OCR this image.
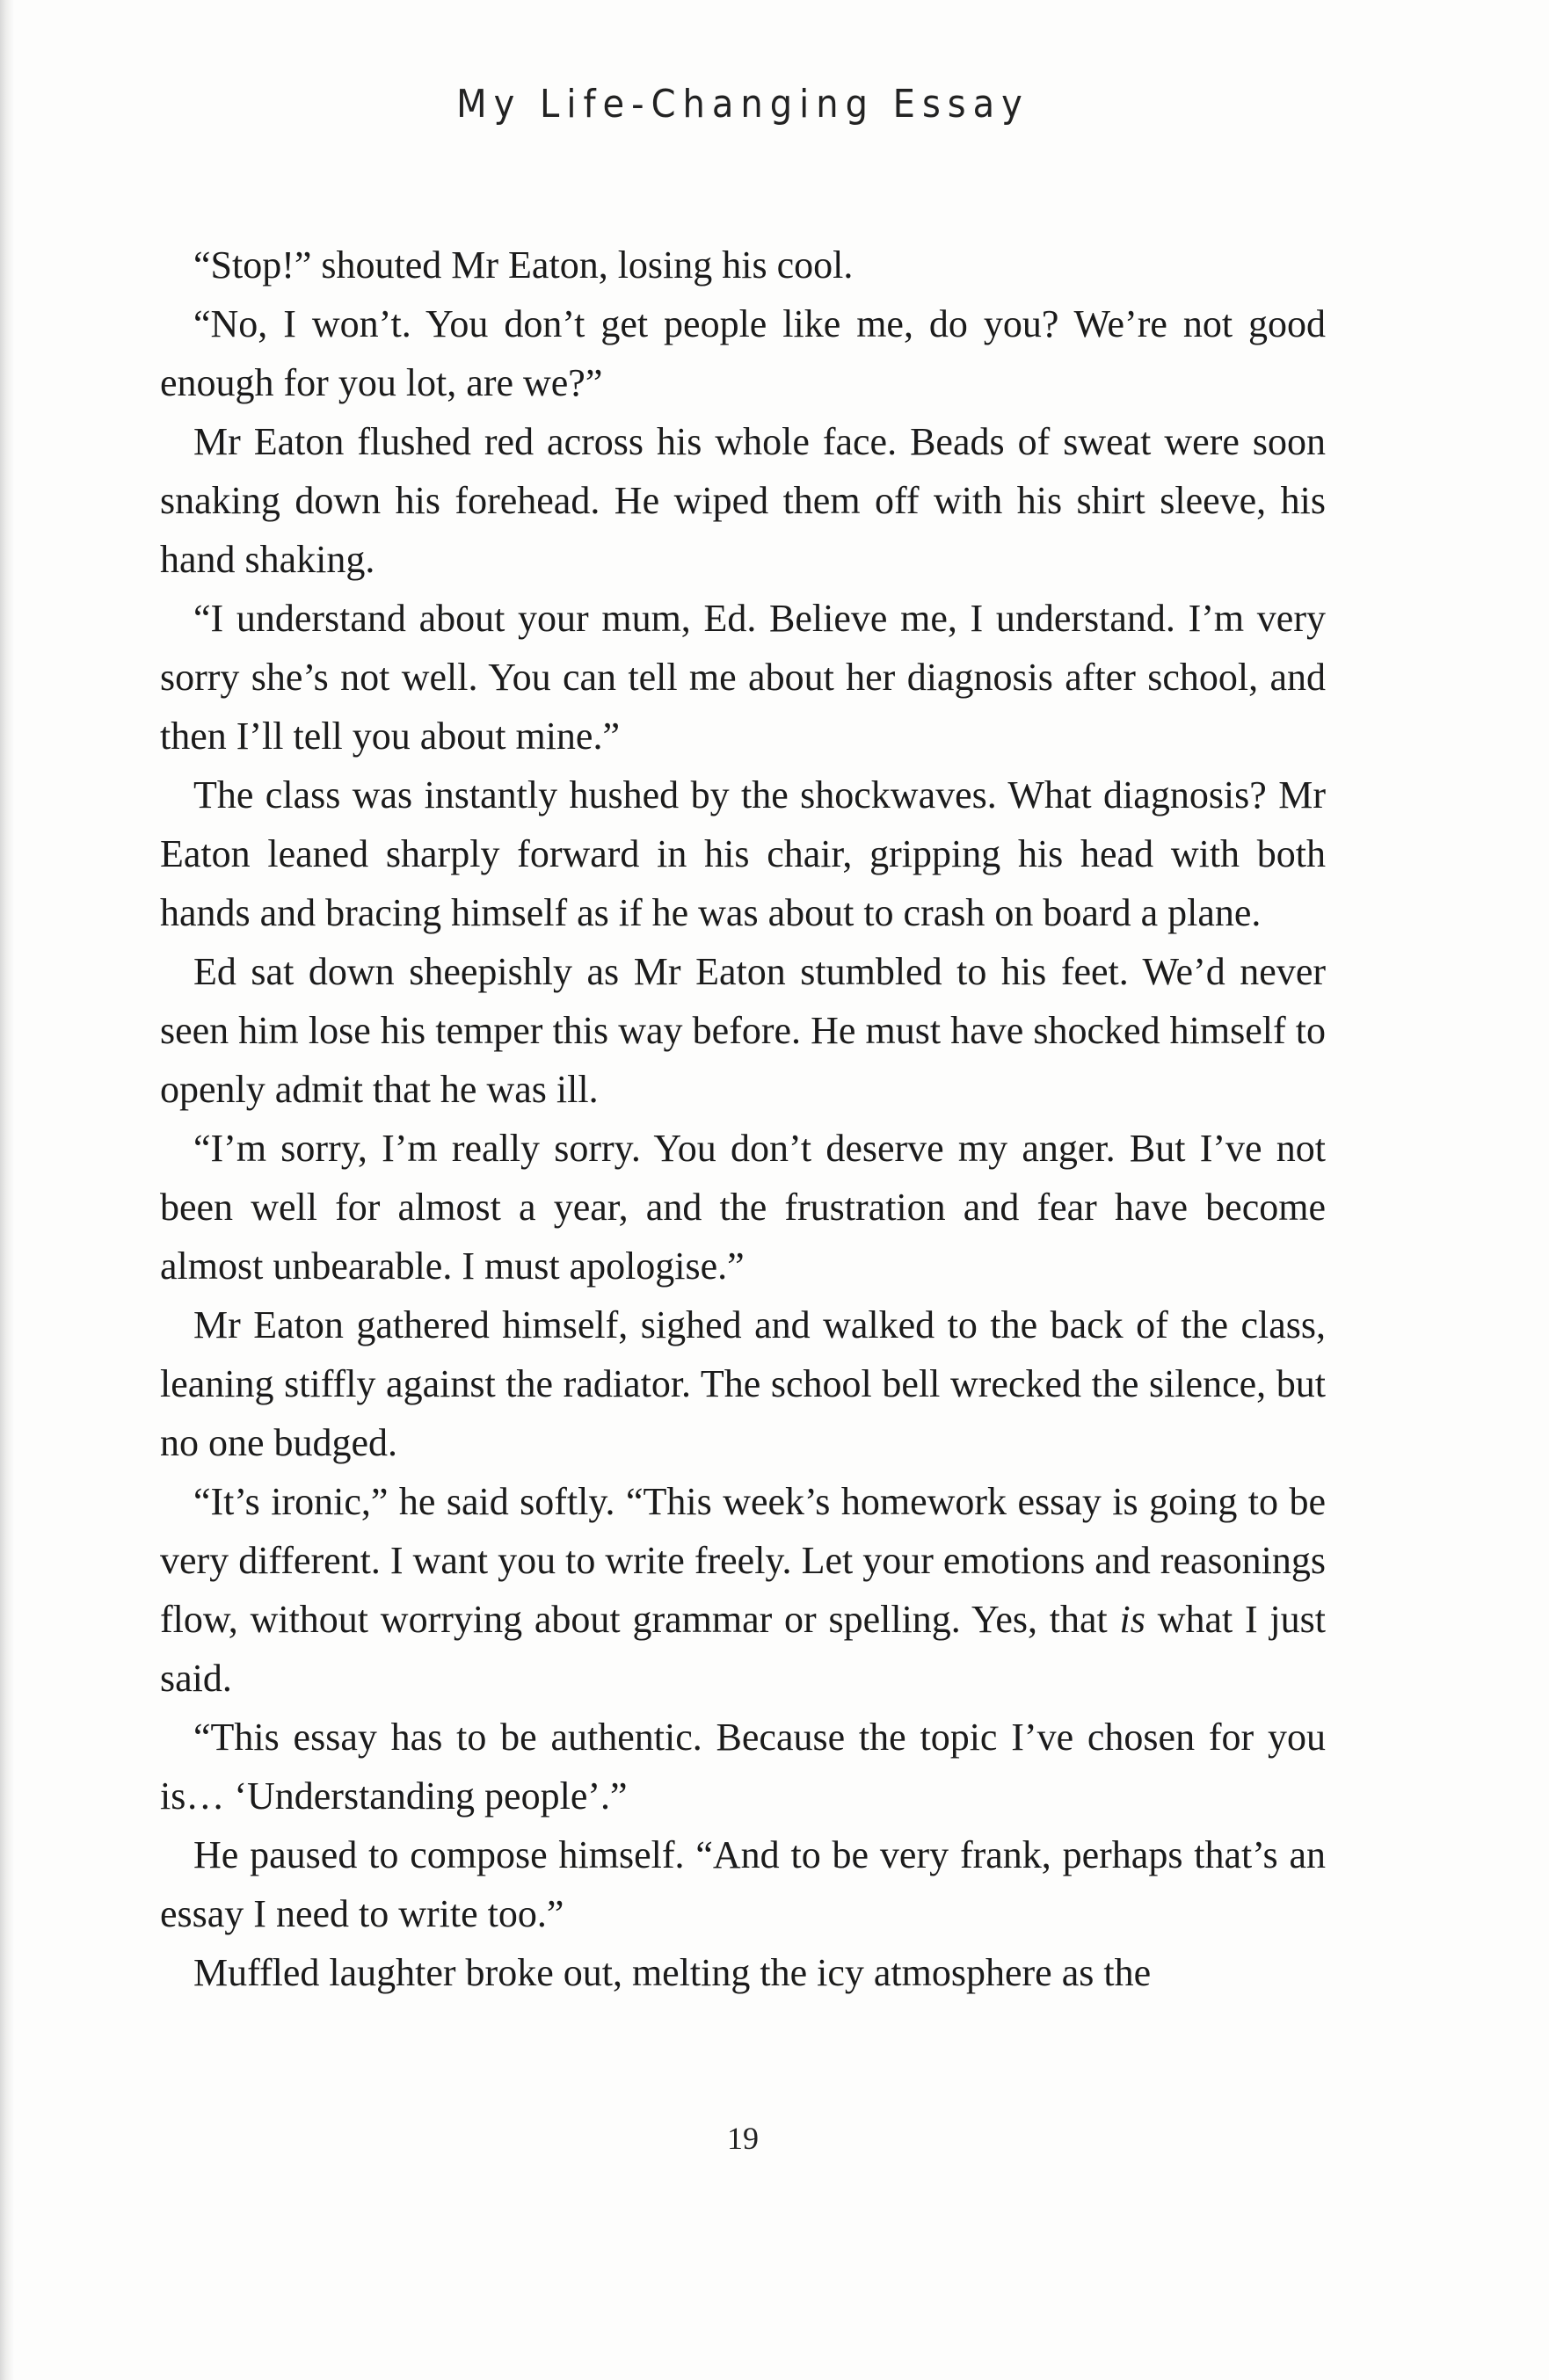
My Life-Changing Essay

“Stop!” shouted Mr Eaton, losing his cool.

“No, I won’t. You don’t get people like me, do you? We’re not good enough for you lot, are we?”

Mr Eaton flushed red across his whole face. Beads of sweat were soon snaking down his forehead. He wiped them off with his shirt sleeve, his hand shaking.

“I understand about your mum, Ed. Believe me, I understand. I’m very sorry she’s not well. You can tell me about her diagnosis after school, and then I’ll tell you about mine.”

The class was instantly hushed by the shockwaves. What diagnosis? Mr Eaton leaned sharply forward in his chair, gripping his head with both hands and bracing himself as if he was about to crash on board a plane.

Ed sat down sheepishly as Mr Eaton stumbled to his feet. We’d never seen him lose his temper this way before. He must have shocked himself to openly admit that he was ill.

“I’m sorry, I’m really sorry. You don’t deserve my anger. But I’ve not been well for almost a year, and the frustration and fear have become almost unbearable. I must apologise.”

Mr Eaton gathered himself, sighed and walked to the back of the class, leaning stiffly against the radiator. The school bell wrecked the silence, but no one budged.

“It’s ironic,” he said softly. “This week’s homework essay is going to be very different. I want you to write freely. Let your emotions and reasonings flow, without worrying about grammar or spelling. Yes, that is what I just said.

“This essay has to be authentic. Because the topic I’ve chosen for you is… ‘Understanding people’.”

He paused to compose himself. “And to be very frank, perhaps that’s an essay I need to write too.”

Muffled laughter broke out, melting the icy atmosphere as the

19
